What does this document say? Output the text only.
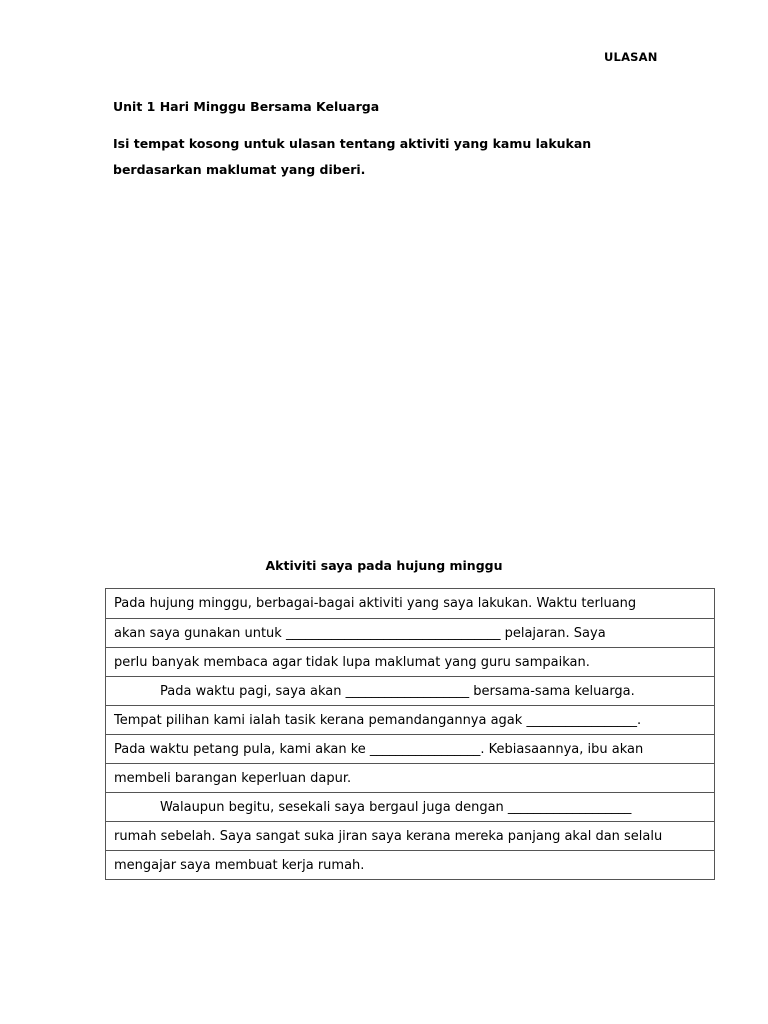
ULASAN
Unit 1 Hari Minggu Bersama Keluarga
Isi tempat kosong untuk ulasan tentang aktiviti yang kamu lakukan
berdasarkan maklumat yang diberi.
Aktiviti saya pada hujung minggu
Pada hujung minggu, berbagai-bagai aktiviti yang saya lakukan. Waktu terluang
akan saya gunakan untuk _________________________________ pelajaran. Saya
perlu banyak membaca agar tidak lupa maklumat yang guru sampaikan.
Pada waktu pagi, saya akan ___________________ bersama-sama keluarga.
Tempat pilihan kami ialah tasik kerana pemandangannya agak _________________.
Pada waktu petang pula, kami akan ke _________________. Kebiasaannya, ibu akan
membeli barangan keperluan dapur.
Walaupun begitu, sesekali saya bergaul juga dengan ___________________
rumah sebelah. Saya sangat suka jiran saya kerana mereka panjang akal dan selalu
mengajar saya membuat kerja rumah.
